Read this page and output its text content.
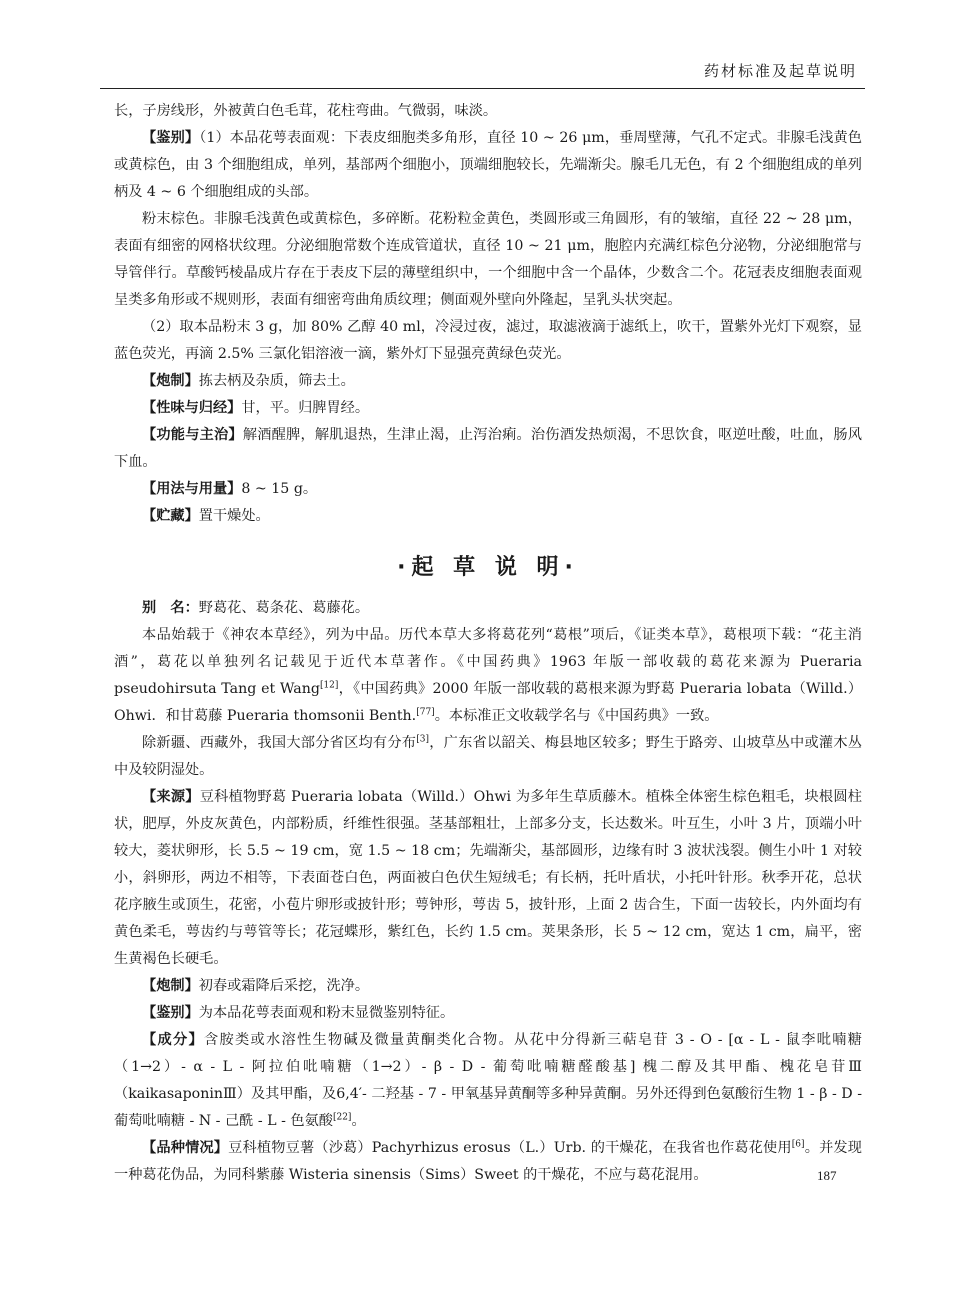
药材标准及起草说明

长，子房线形，外被黄白色毛茸，花柱弯曲。气微弱，味淡。

【鉴别】（1）本品花萼表面观：下表皮细胞类多角形，直径 10 ~ 26 μm，垂周壁薄，气孔不定式。非腺毛浅黄色或黄棕色，由 3 个细胞组成，单列，基部两个细胞小，顶端细胞较长，先端渐尖。腺毛几无色，有 2 个细胞组成的单列柄及 4 ~ 6 个细胞组成的头部。

粉末棕色。非腺毛浅黄色或黄棕色，多碎断。花粉粒金黄色，类圆形或三角圆形，有的皱缩，直径 22 ~ 28 μm，表面有细密的网格状纹理。分泌细胞常数个连成管道状，直径 10 ~ 21 μm，胞腔内充满红棕色分泌物，分泌细胞常与导管伴行。草酸钙棱晶成片存在于表皮下层的薄壁组织中，一个细胞中含一个晶体，少数含二个。花冠表皮细胞表面观呈类多角形或不规则形，表面有细密弯曲角质纹理；侧面观外壁向外隆起，呈乳头状突起。

（2）取本品粉末 3 g，加 80% 乙醇 40 ml，冷浸过夜，滤过，取滤液滴于滤纸上，吹干，置紫外光灯下观察，显蓝色荧光，再滴 2.5% 三氯化铝溶液一滴，紫外灯下显强亮黄绿色荧光。

【炮制】拣去柄及杂质，筛去土。

【性味与归经】甘，平。归脾胃经。

【功能与主治】解酒醒脾，解肌退热，生津止渴，止泻治痢。治伤酒发热烦渴，不思饮食，呕逆吐酸，吐血，肠风下血。

【用法与用量】8 ~ 15 g。

【贮藏】置干燥处。

·起 草 说 明·

别　名：野葛花、葛条花、葛藤花。

本品始载于《神农本草经》，列为中品。历代本草大多将葛花列“葛根”项后，《证类本草》，葛根项下载：“花主消酒”，葛花以单独列名记载见于近代本草著作。《中国药典》1963 年版一部收载的葛花来源为 Pueraria　pseudohirsuta Tang et Wang[12]，《中国药典》2000 年版一部收载的葛根来源为野葛 Pueraria lobata（Willd.）Ohwi．和甘葛藤 Pueraria thomsonii Benth.[77]。本标准正文收载学名与《中国药典》一致。

除新疆、西藏外，我国大部分省区均有分布[3]，广东省以韶关、梅县地区较多；野生于路旁、山坡草丛中或灌木丛中及较阴湿处。

【来源】豆科植物野葛 Pueraria lobata（Willd.）Ohwi 为多年生草质藤木。植株全体密生棕色粗毛，块根圆柱状，肥厚，外皮灰黄色，内部粉质，纤维性很强。茎基部粗壮，上部多分支，长达数米。叶互生，小叶 3 片，顶端小叶较大，菱状卵形，长 5.5 ~ 19 cm，宽 1.5 ~ 18 cm；先端渐尖，基部圆形，边缘有时 3 波状浅裂。侧生小叶 1 对较小，斜卵形，两边不相等，下表面苍白色，两面被白色伏生短绒毛；有长柄，托叶盾状，小托叶针形。秋季开花，总状花序腋生或顶生，花密，小苞片卵形或披针形；萼钟形，萼齿 5，披针形，上面 2 齿合生，下面一齿较长，内外面均有黄色柔毛，萼齿约与萼管等长；花冠蝶形，紫红色，长约 1.5 cm。荚果条形，长 5 ~ 12 cm，宽达 1 cm，扁平，密生黄褐色长硬毛。

【炮制】初春或霜降后采挖，洗净。

【鉴别】为本品花萼表面观和粉末显微鉴别特征。

【成分】含胺类或水溶性生物碱及微量黄酮类化合物。从花中分得新三萜皂苷 3 - O - [α - L - 鼠李吡喃糖（1→2）- α - L - 阿拉伯吡喃糖（1→2）- β - D - 葡萄吡喃糖醛酸基] 槐二醇及其甲酯、槐花皂苷Ⅲ（kaikasaponinⅢ）及其甲酯，及6,4′- 二羟基 - 7 - 甲氧基异黄酮等多种异黄酮。另外还得到色氨酸衍生物 1 - β - D - 葡萄吡喃糖 - N - 己酰 - L - 色氨酸[22]。

【品种情况】豆科植物豆薯（沙葛）Pachyrhizus erosus（L.）Urb. 的干燥花，在我省也作葛花使用[6]。并发现一种葛花伪品，为同科紫藤 Wisteria sinensis（Sims）Sweet 的干燥花，不应与葛花混用。	187
